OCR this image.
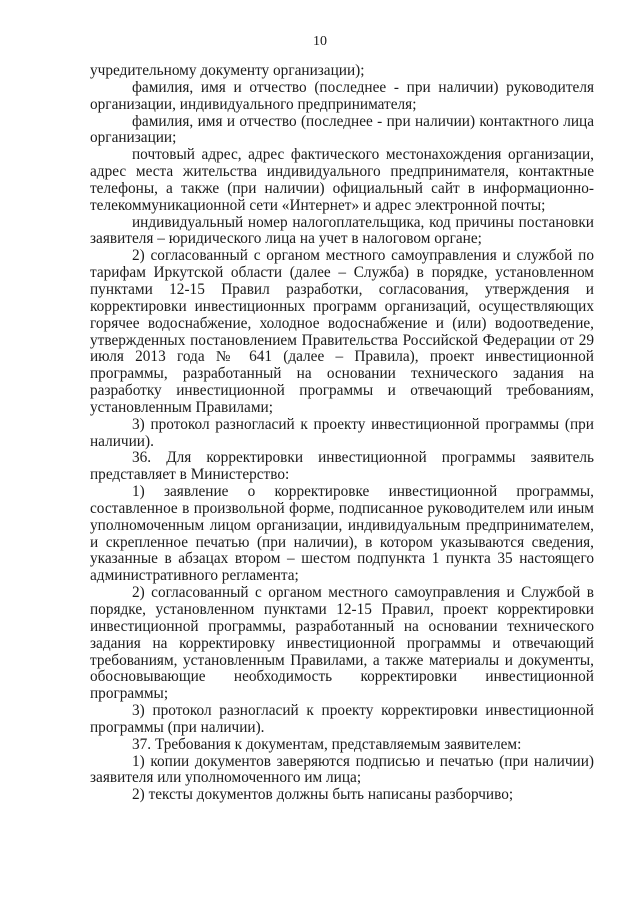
10

учредительному документу организации);

фамилия, имя и отчество (последнее - при наличии) руководителя организации, индивидуального предпринимателя;

фамилия, имя и отчество (последнее - при наличии) контактного лица организации;

почтовый адрес, адрес фактического местонахождения организации, адрес места жительства индивидуального предпринимателя, контактные телефоны, а также (при наличии) официальный сайт в информационно-телекоммуникационной сети «Интернет» и адрес электронной почты;

индивидуальный номер налогоплательщика, код причины постановки заявителя – юридического лица на учет в налоговом органе;

2) согласованный с органом местного самоуправления и службой по тарифам Иркутской области (далее – Служба) в порядке, установленном пунктами 12-15 Правил разработки, согласования, утверждения и корректировки инвестиционных программ организаций, осуществляющих горячее водоснабжение, холодное водоснабжение и (или) водоотведение, утвержденных постановлением Правительства Российской Федерации от 29 июля 2013 года № 641 (далее – Правила), проект инвестиционной программы, разработанный на основании технического задания на разработку инвестиционной программы и отвечающий требованиям, установленным Правилами;

3) протокол разногласий к проекту инвестиционной программы (при наличии).

36. Для корректировки инвестиционной программы заявитель представляет в Министерство:

1) заявление о корректировке инвестиционной программы, составленное в произвольной форме, подписанное руководителем или иным уполномоченным лицом организации, индивидуальным предпринимателем, и скрепленное печатью (при наличии), в котором указываются сведения, указанные в абзацах втором – шестом подпункта 1 пункта 35 настоящего административного регламента;

2) согласованный с органом местного самоуправления и Службой в порядке, установленном пунктами 12-15 Правил, проект корректировки инвестиционной программы, разработанный на основании технического задания на корректировку инвестиционной программы и отвечающий требованиям, установленным Правилами, а также материалы и документы, обосновывающие необходимость корректировки инвестиционной программы;

3) протокол разногласий к проекту корректировки инвестиционной программы (при наличии).

37. Требования к документам, представляемым заявителем:

1) копии документов заверяются подписью и печатью (при наличии) заявителя или уполномоченного им лица;

2) тексты документов должны быть написаны разборчиво;
